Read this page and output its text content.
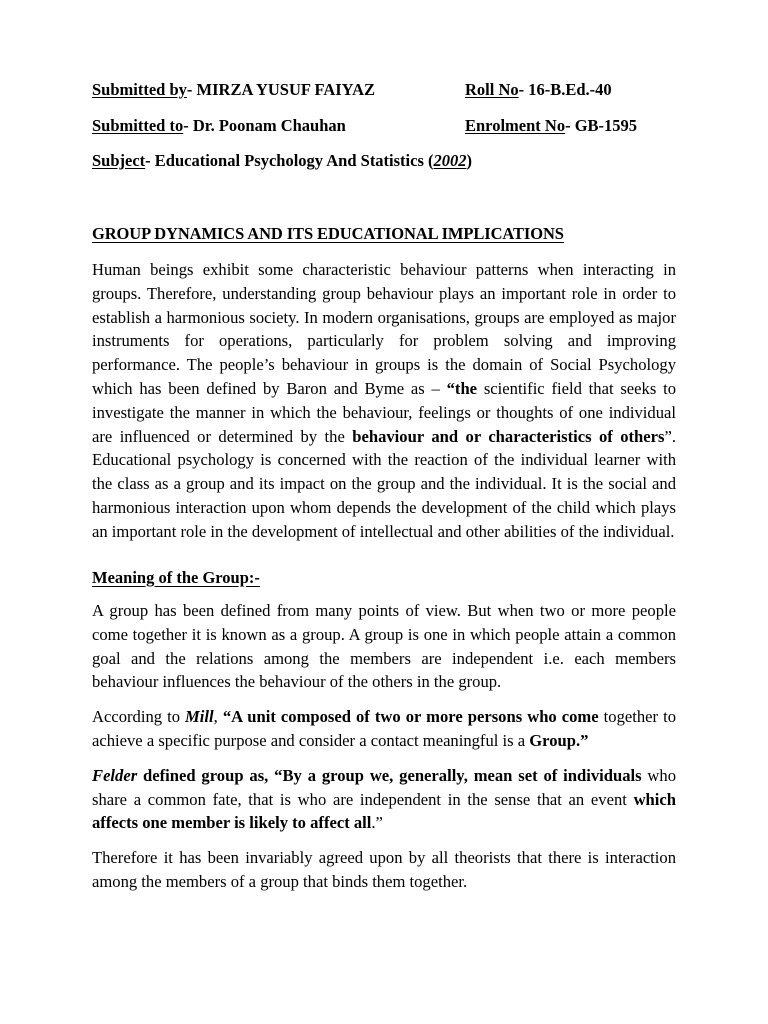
Submitted by- MIRZA YUSUF FAIYAZ	Roll No- 16-B.Ed.-40
Submitted to- Dr. Poonam Chauhan	Enrolment No- GB-1595
Subject- Educational Psychology And Statistics (2002)
GROUP DYNAMICS AND ITS EDUCATIONAL IMPLICATIONS

Human beings exhibit some characteristic behaviour patterns when interacting in groups. Therefore, understanding group behaviour plays an important role in order to establish a harmonious society. In modern organisations, groups are employed as major instruments for operations, particularly for problem solving and improving performance. The people’s behaviour in groups is the domain of Social Psychology which has been defined by Baron and Byme as – “the scientific field that seeks to investigate the manner in which the behaviour, feelings or thoughts of one individual are influenced or determined by the behaviour and or characteristics of others”. Educational psychology is concerned with the reaction of the individual learner with the class as a group and its impact on the group and the individual. It is the social and harmonious interaction upon whom depends the development of the child which plays an important role in the development of intellectual and other abilities of the individual.

Meaning of the Group:-

A group has been defined from many points of view. But when two or more people come together it is known as a group. A group is one in which people attain a common goal and the relations among the members are independent i.e. each members behaviour influences the behaviour of the others in the group.

According to Mill, “A unit composed of two or more persons who come together to achieve a specific purpose and consider a contact meaningful is a Group.”

Felder defined group as, “By a group we, generally, mean set of individuals who share a common fate, that is who are independent in the sense that an event which affects one member is likely to affect all.”

Therefore it has been invariably agreed upon by all theorists that there is interaction among the members of a group that binds them together.
